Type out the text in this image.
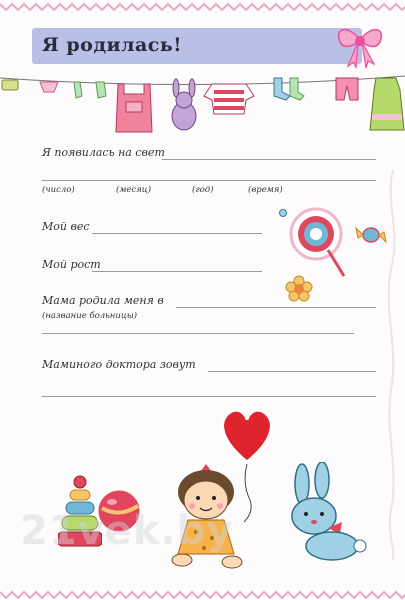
Я родилась!
Я появилась на свет
(число)	(месяц)	(год)	(время)
Мой вес
Мой рост
Мама родила меня в
(название больницы)
Маминого доктора зовут
21vek.by
